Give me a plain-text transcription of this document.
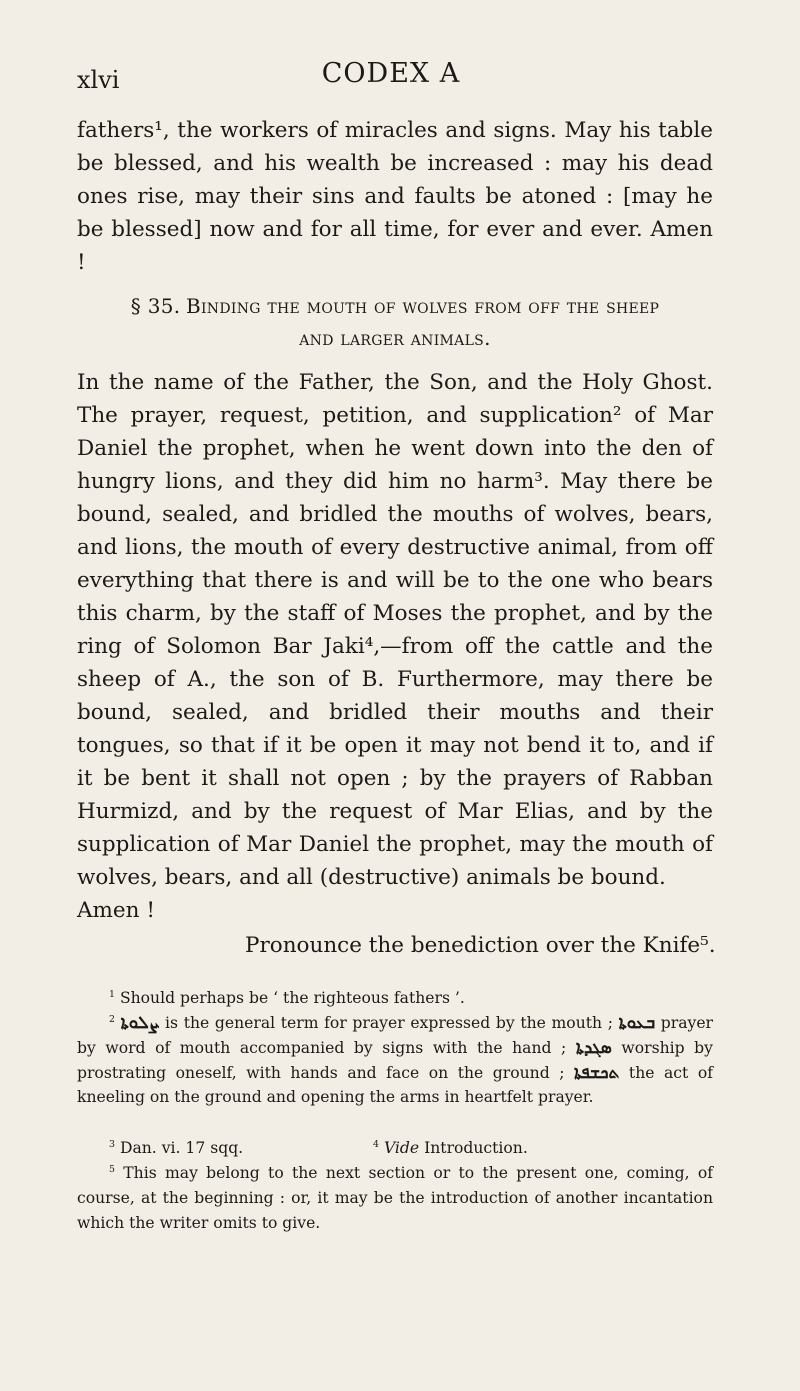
xlvi	CODEX A

fathers¹, the workers of miracles and signs. May his table be blessed, and his wealth be increased : may his dead ones rise, may their sins and faults be atoned : [may he be blessed] now and for all time, for ever and ever. Amen !

§ 35. Binding the mouth of wolves from off the sheep
and larger animals.
In the name of the Father, the Son, and the Holy Ghost. The prayer, request, petition, and supplication² of Mar Daniel the prophet, when he went down into the den of hungry lions, and they did him no harm³. May there be bound, sealed, and bridled the mouths of wolves, bears, and lions, the mouth of every destructive animal, from off everything that there is and will be to the one who bears this charm, by the staff of Moses the prophet, and by the ring of Solomon Bar Jaki⁴,—from off the cattle and the sheep of A., the son of B. Furthermore, may there be bound, sealed, and bridled their mouths and their tongues, so that if it be open it may not bend it to, and if it be bent it shall not open ; by the prayers of Rabban Hurmizd, and by the request of Mar Elias, and by the supplication of Mar Daniel the prophet, may the mouth of wolves, bears, and all (destructive) animals be bound.
Amen !
Pronounce the benediction over the Knife⁵.
$^1$ Should perhaps be ‘ the righteous fathers ’.
$^2$ ܨܠܘܬܐ is the general term for prayer expressed by the mouth ; ܒܥܘܬܐ prayer by word of mouth accompanied by signs with the hand ; ܣܓܕܬܐ worship by prostrating oneself, with hands and face on the ground ; ܬܟܫܦܬܐ the act of kneeling on the ground and opening the arms in heartfelt prayer.
$^3$ Dan. vi. 17 sqq.	$^4$ Vide Introduction.
$^5$ This may belong to the next section or to the present one, coming, of course, at the beginning : or, it may be the introduction of another incantation which the writer omits to give.
